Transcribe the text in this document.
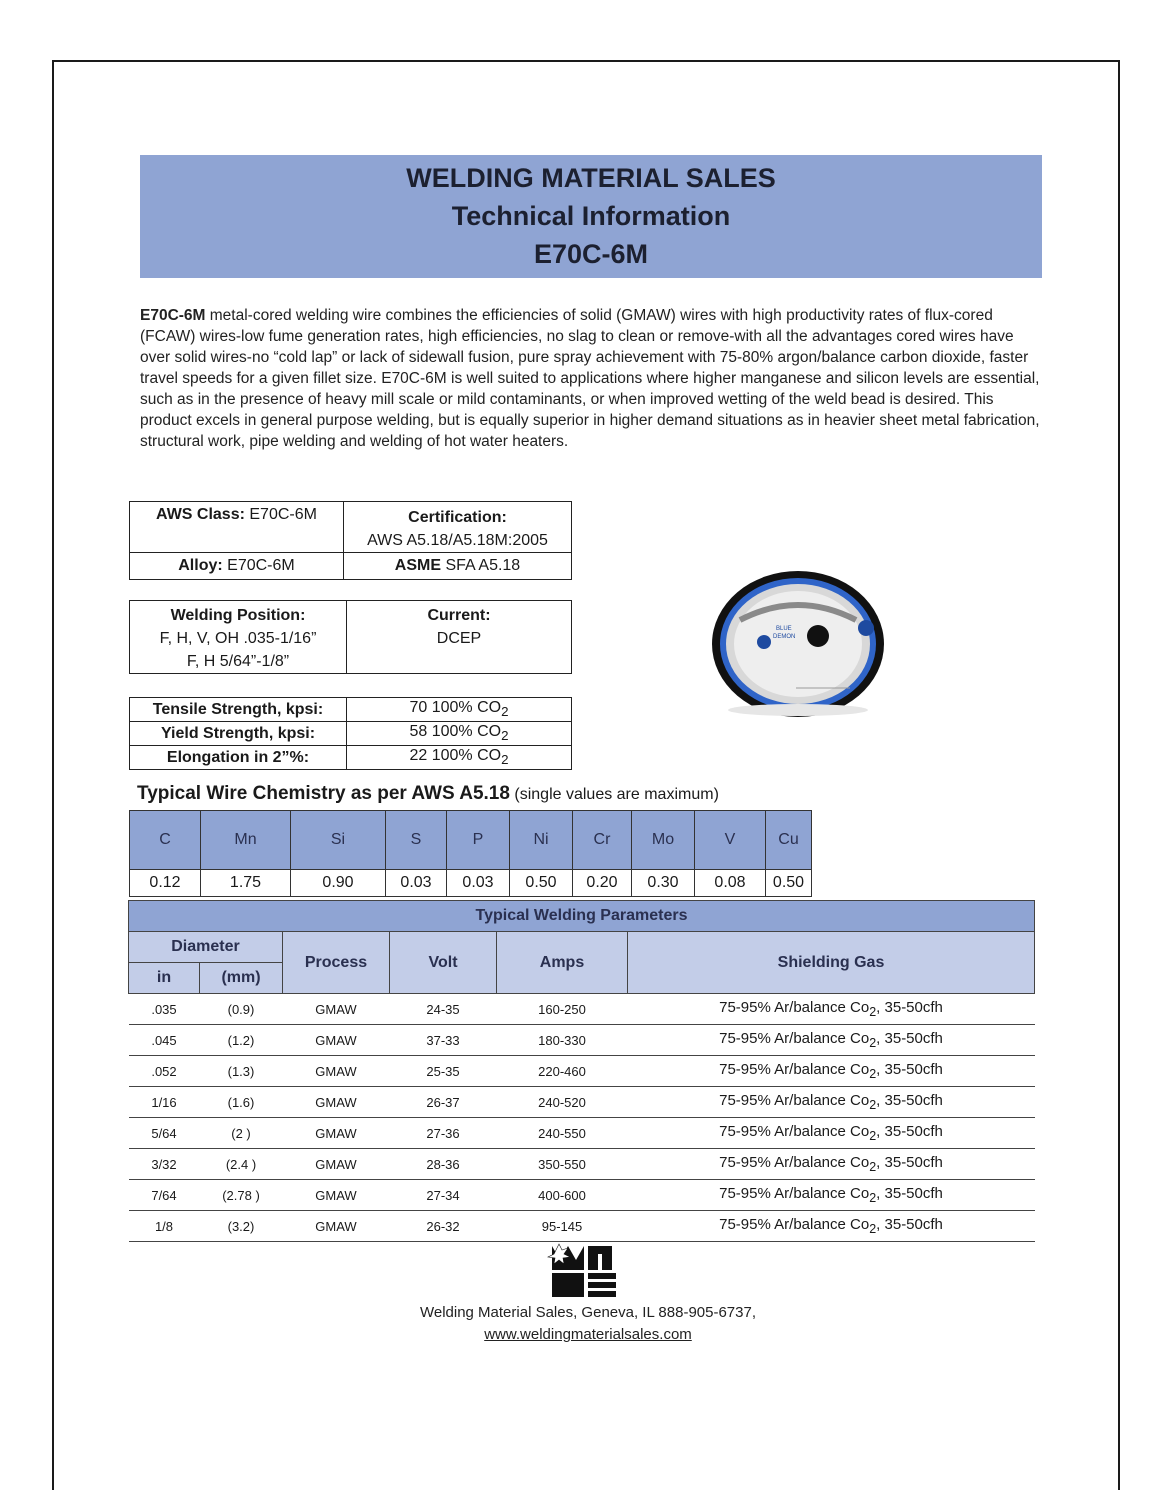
WELDING MATERIAL SALES
Technical Information
E70C-6M
E70C-6M metal-cored welding wire combines the efficiencies of solid (GMAW) wires with high productivity rates of flux-cored (FCAW) wires-low fume generation rates, high efficiencies, no slag to clean or remove-with all the advantages cored wires have over solid wires-no “cold lap” or lack of sidewall fusion, pure spray achievement with 75-80% argon/balance carbon dioxide, faster travel speeds for a given fillet size. E70C-6M is well suited to applications where higher manganese and silicon levels are essential, such as in the presence of heavy mill scale or mild contaminants, or when improved wetting of the weld bead is desired. This product excels in general purpose welding, but is equally superior in higher demand situations as in heavier sheet metal fabrication, structural work, pipe welding and welding of hot water heaters.
AWS Class: E70C-6M	Certification:
AWS A5.18/A5.18M:2005

Alloy: E70C-6M	ASME SFA A5.18
Welding Position:
F, H, V, OH .035-1/16”
F, H 5/64”-1/8”

Current:
DCEP
Tensile Strength, kpsi:	70 100% $CO_2$
Yield Strength, kpsi:	58 100% $CO_2$
Elongation in 2”%:	22 100% $CO_2$
BLUE
DEMON
Typical Wire Chemistry as per AWS A5.18 (single values are maximum)
C	Mn	Si	S	P	Ni	Cr	Mo	V	Cu
0.12	1.75	0.90	0.03	0.03	0.50	0.20	0.30	0.08	0.50
Typical Welding Parameters					
Diameter		Process	Volt	Amps	Shielding Gas
in	(mm)				
.035	(0.9)	GMAW	24-35	160-250	75-95% Ar/balance $Co_2$, 35-50cfh
.045	(1.2)	GMAW	37-33	180-330	75-95% Ar/balance $Co_2$, 35-50cfh
.052	(1.3)	GMAW	25-35	220-460	75-95% Ar/balance $Co_2$, 35-50cfh
1/16	(1.6)	GMAW	26-37	240-520	75-95% Ar/balance $Co_2$, 35-50cfh
5/64	(2 )	GMAW	27-36	240-550	75-95% Ar/balance $Co_2$, 35-50cfh
3/32	(2.4 )	GMAW	28-36	350-550	75-95% Ar/balance $Co_2$, 35-50cfh
7/64	(2.78 )	GMAW	27-34	400-600	75-95% Ar/balance $Co_2$, 35-50cfh
1/8	(3.2)	GMAW	26-32	95-145	75-95% Ar/balance $Co_2$, 35-50cfh
WMS
Welding Material Sales, Geneva, IL 888-905-6737,
www.weldingmaterialsales.com
